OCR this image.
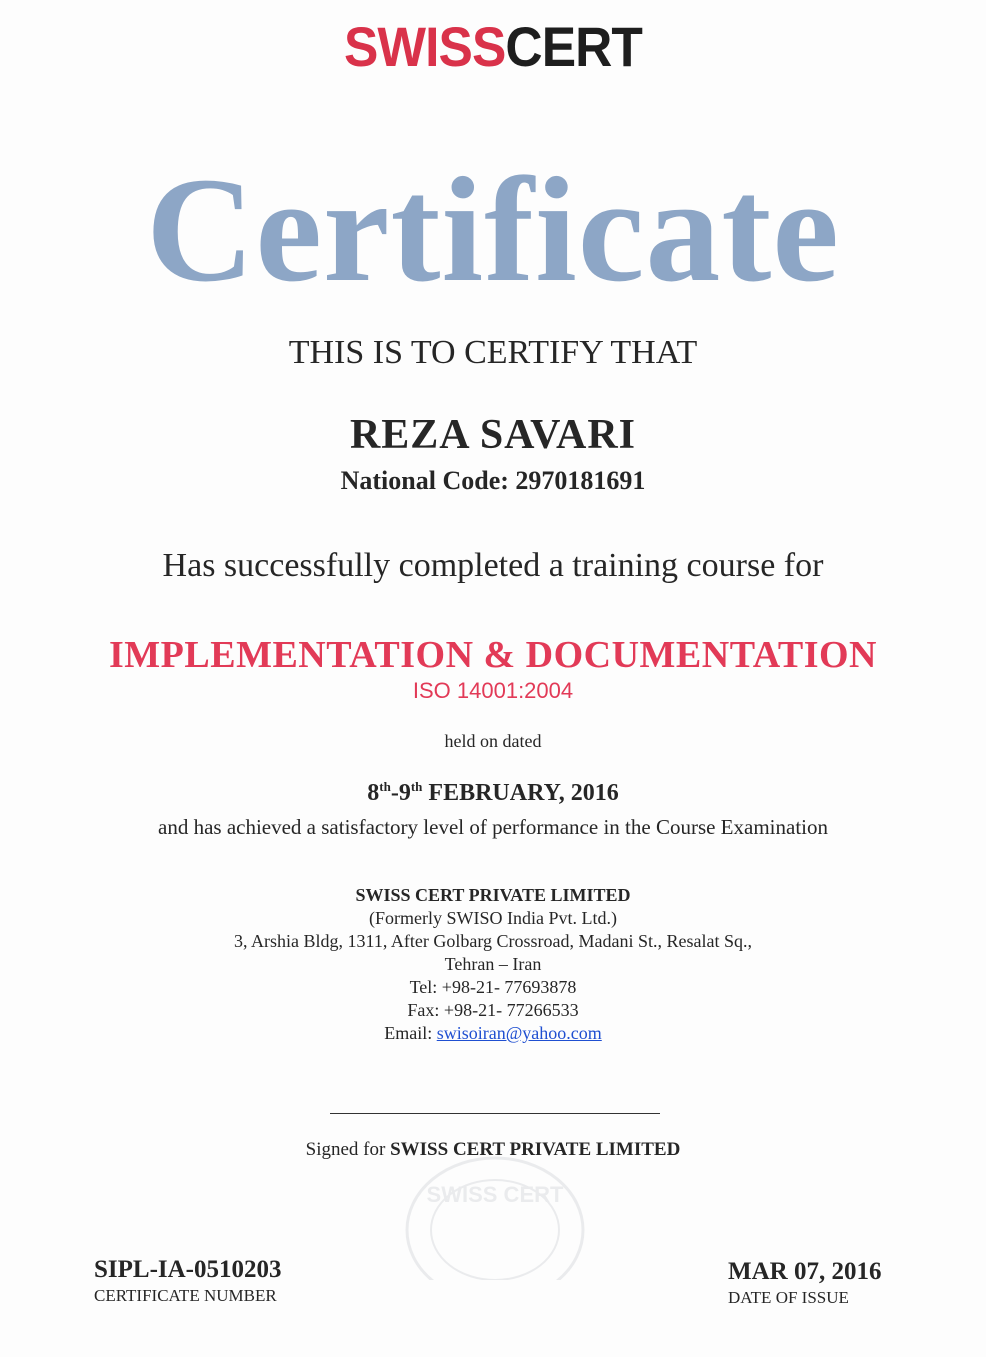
SWISSCERT
Certificate
THIS IS TO CERTIFY THAT
REZA SAVARI
National Code: 2970181691
Has successfully completed a training course for
IMPLEMENTATION & DOCUMENTATION
ISO 14001:2004
held on dated
8th-9th FEBRUARY, 2016
and has achieved a satisfactory level of performance in the Course Examination
SWISS CERT PRIVATE LIMITED
(Formerly SWISO India Pvt. Ltd.)
3, Arshia Bldg, 1311, After Golbarg Crossroad, Madani St., Resalat Sq.,
Tehran – Iran
Tel: +98-21- 77693878
Fax: +98-21- 77266533
Email: swisoiran@yahoo.com
Signed for SWISS CERT PRIVATE LIMITED
SWISS CERT
SIPL-IA-0510203
CERTIFICATE NUMBER
MAR 07, 2016
DATE OF ISSUE
